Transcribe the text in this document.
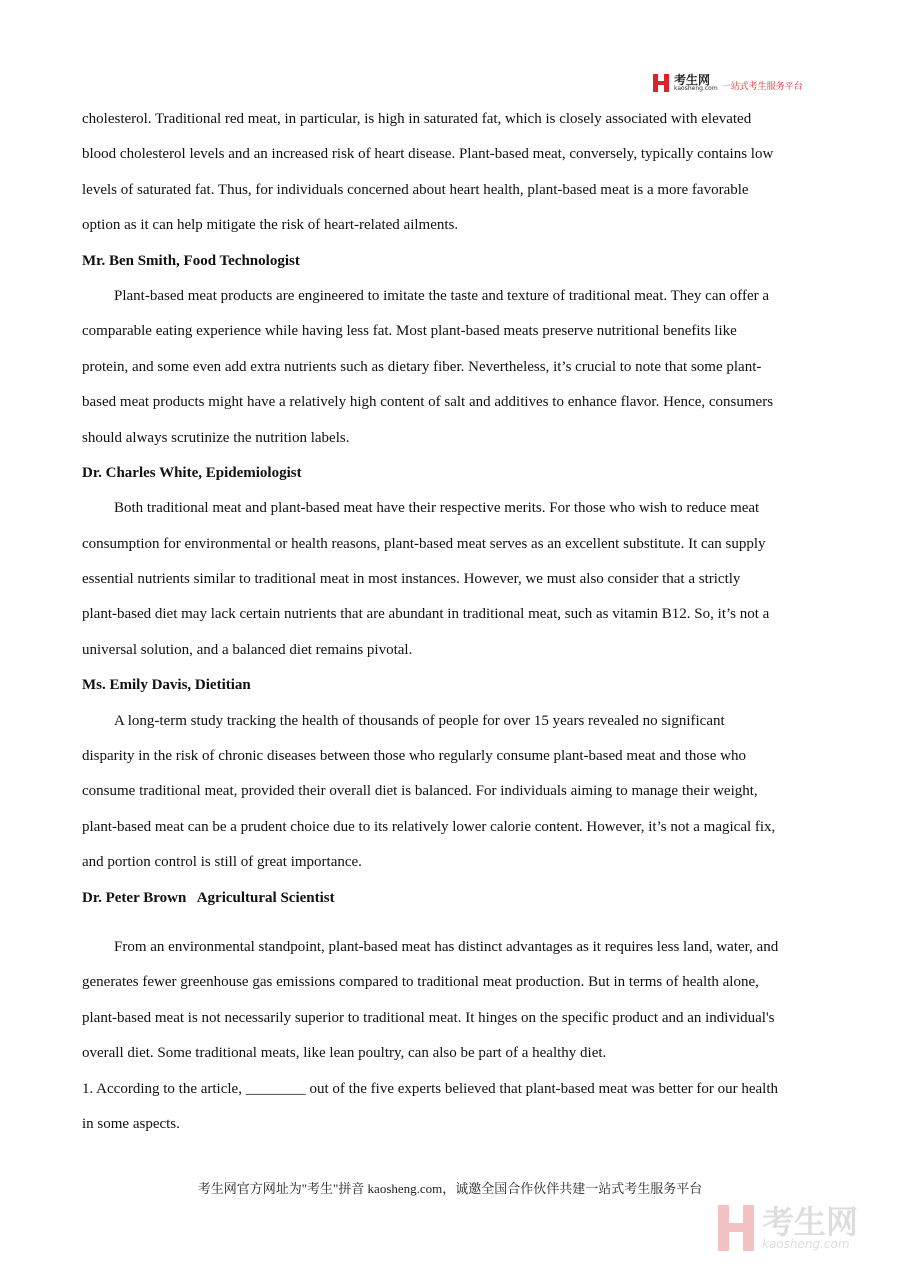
考生网
kaosheng.com 一站式考生服务平台
cholesterol. Traditional red meat, in particular, is high in saturated fat, which is closely associated with elevated
blood cholesterol levels and an increased risk of heart disease. Plant-based meat, conversely, typically contains low
levels of saturated fat. Thus, for individuals concerned about heart health, plant-based meat is a more favorable
option as it can help mitigate the risk of heart-related ailments.
Mr. Ben Smith, Food Technologist
Plant-based meat products are engineered to imitate the taste and texture of traditional meat. They can offer a
comparable eating experience while having less fat. Most plant-based meats preserve nutritional benefits like
protein, and some even add extra nutrients such as dietary fiber. Nevertheless, it’s crucial to note that some plant-
based meat products might have a relatively high content of salt and additives to enhance flavor. Hence, consumers
should always scrutinize the nutrition labels.
Dr. Charles White, Epidemiologist
Both traditional meat and plant-based meat have their respective merits. For those who wish to reduce meat
consumption for environmental or health reasons, plant-based meat serves as an excellent substitute. It can supply
essential nutrients similar to traditional meat in most instances. However, we must also consider that a strictly
plant-based diet may lack certain nutrients that are abundant in traditional meat, such as vitamin B12. So, it’s not a
universal solution, and a balanced diet remains pivotal.
Ms. Emily Davis, Dietitian
A long-term study tracking the health of thousands of people for over 15 years revealed no significant
disparity in the risk of chronic diseases between those who regularly consume plant-based meat and those who
consume traditional meat, provided their overall diet is balanced. For individuals aiming to manage their weight,
plant-based meat can be a prudent choice due to its relatively lower calorie content. However, it’s not a magical fix,
and portion control is still of great importance.
Dr. Peter Brown   Agricultural Scientist
From an environmental standpoint, plant-based meat has distinct advantages as it requires less land, water, and
generates fewer greenhouse gas emissions compared to traditional meat production. But in terms of health alone,
plant-based meat is not necessarily superior to traditional meat. It hinges on the specific product and an individual's
overall diet. Some traditional meats, like lean poultry, can also be part of a healthy diet.
1. According to the article, ________ out of the five experts believed that plant-based meat was better for our health
in some aspects.
考生网官方网址为"考生"拼音 kaosheng.com，诚邀全国合作伙伴共建一站式考生服务平台
考生网
kaosheng.com
